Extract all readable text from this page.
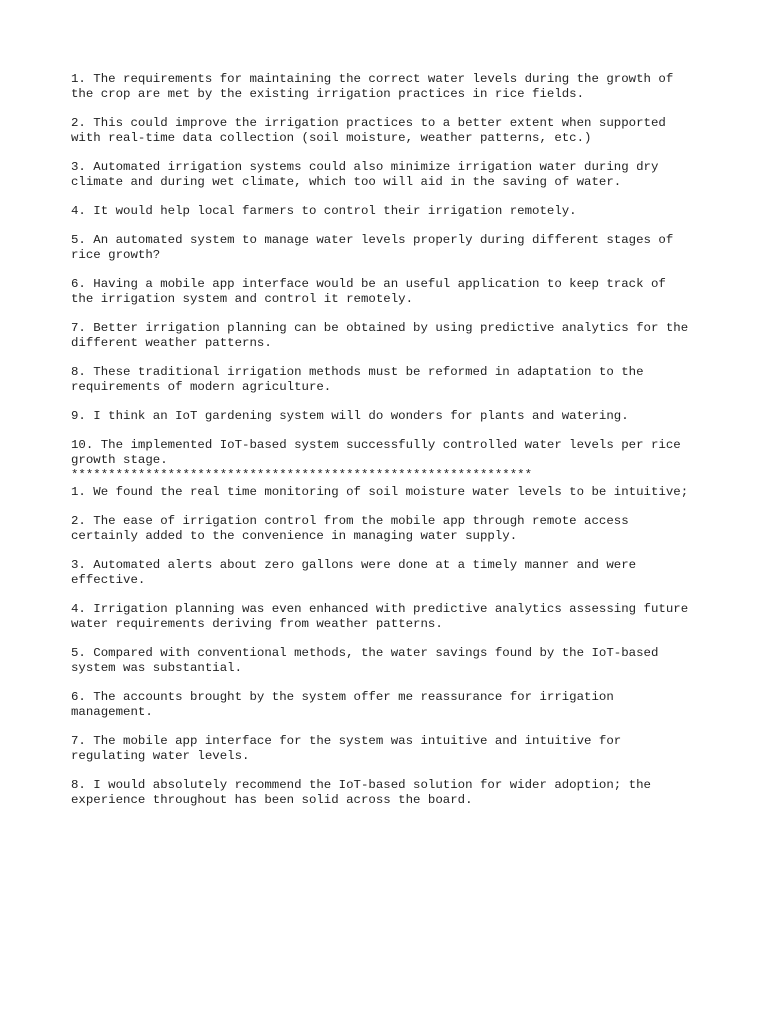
1. The requirements for maintaining the correct water levels during the growth of
the crop are met by the existing irrigation practices in rice fields.

2. This could improve the irrigation practices to a better extent when supported
with real-time data collection (soil moisture, weather patterns, etc.)

3. Automated irrigation systems could also minimize irrigation water during dry
climate and during wet climate, which too will aid in the saving of water.

4. It would help local farmers to control their irrigation remotely.

5. An automated system to manage water levels properly during different stages of
rice growth?

6. Having a mobile app interface would be an useful application to keep track of
the irrigation system and control it remotely.

7. Better irrigation planning can be obtained by using predictive analytics for the
different weather patterns.

8. These traditional irrigation methods must be reformed in adaptation to the
requirements of modern agriculture.

9. I think an IoT gardening system will do wonders for plants and watering.

10. The implemented IoT-based system successfully controlled water levels per rice
growth stage.

**************************************************************

1. We found the real time monitoring of soil moisture water levels to be intuitive;

2. The ease of irrigation control from the mobile app through remote access
certainly added to the convenience in managing water supply.

3. Automated alerts about zero gallons were done at a timely manner and were
effective.

4. Irrigation planning was even enhanced with predictive analytics assessing future
water requirements deriving from weather patterns.

5. Compared with conventional methods, the water savings found by the IoT-based
system was substantial.

6. The accounts brought by the system offer me reassurance for irrigation
management.

7. The mobile app interface for the system was intuitive and intuitive for
regulating water levels.

8. I would absolutely recommend the IoT-based solution for wider adoption; the
experience throughout has been solid across the board.
